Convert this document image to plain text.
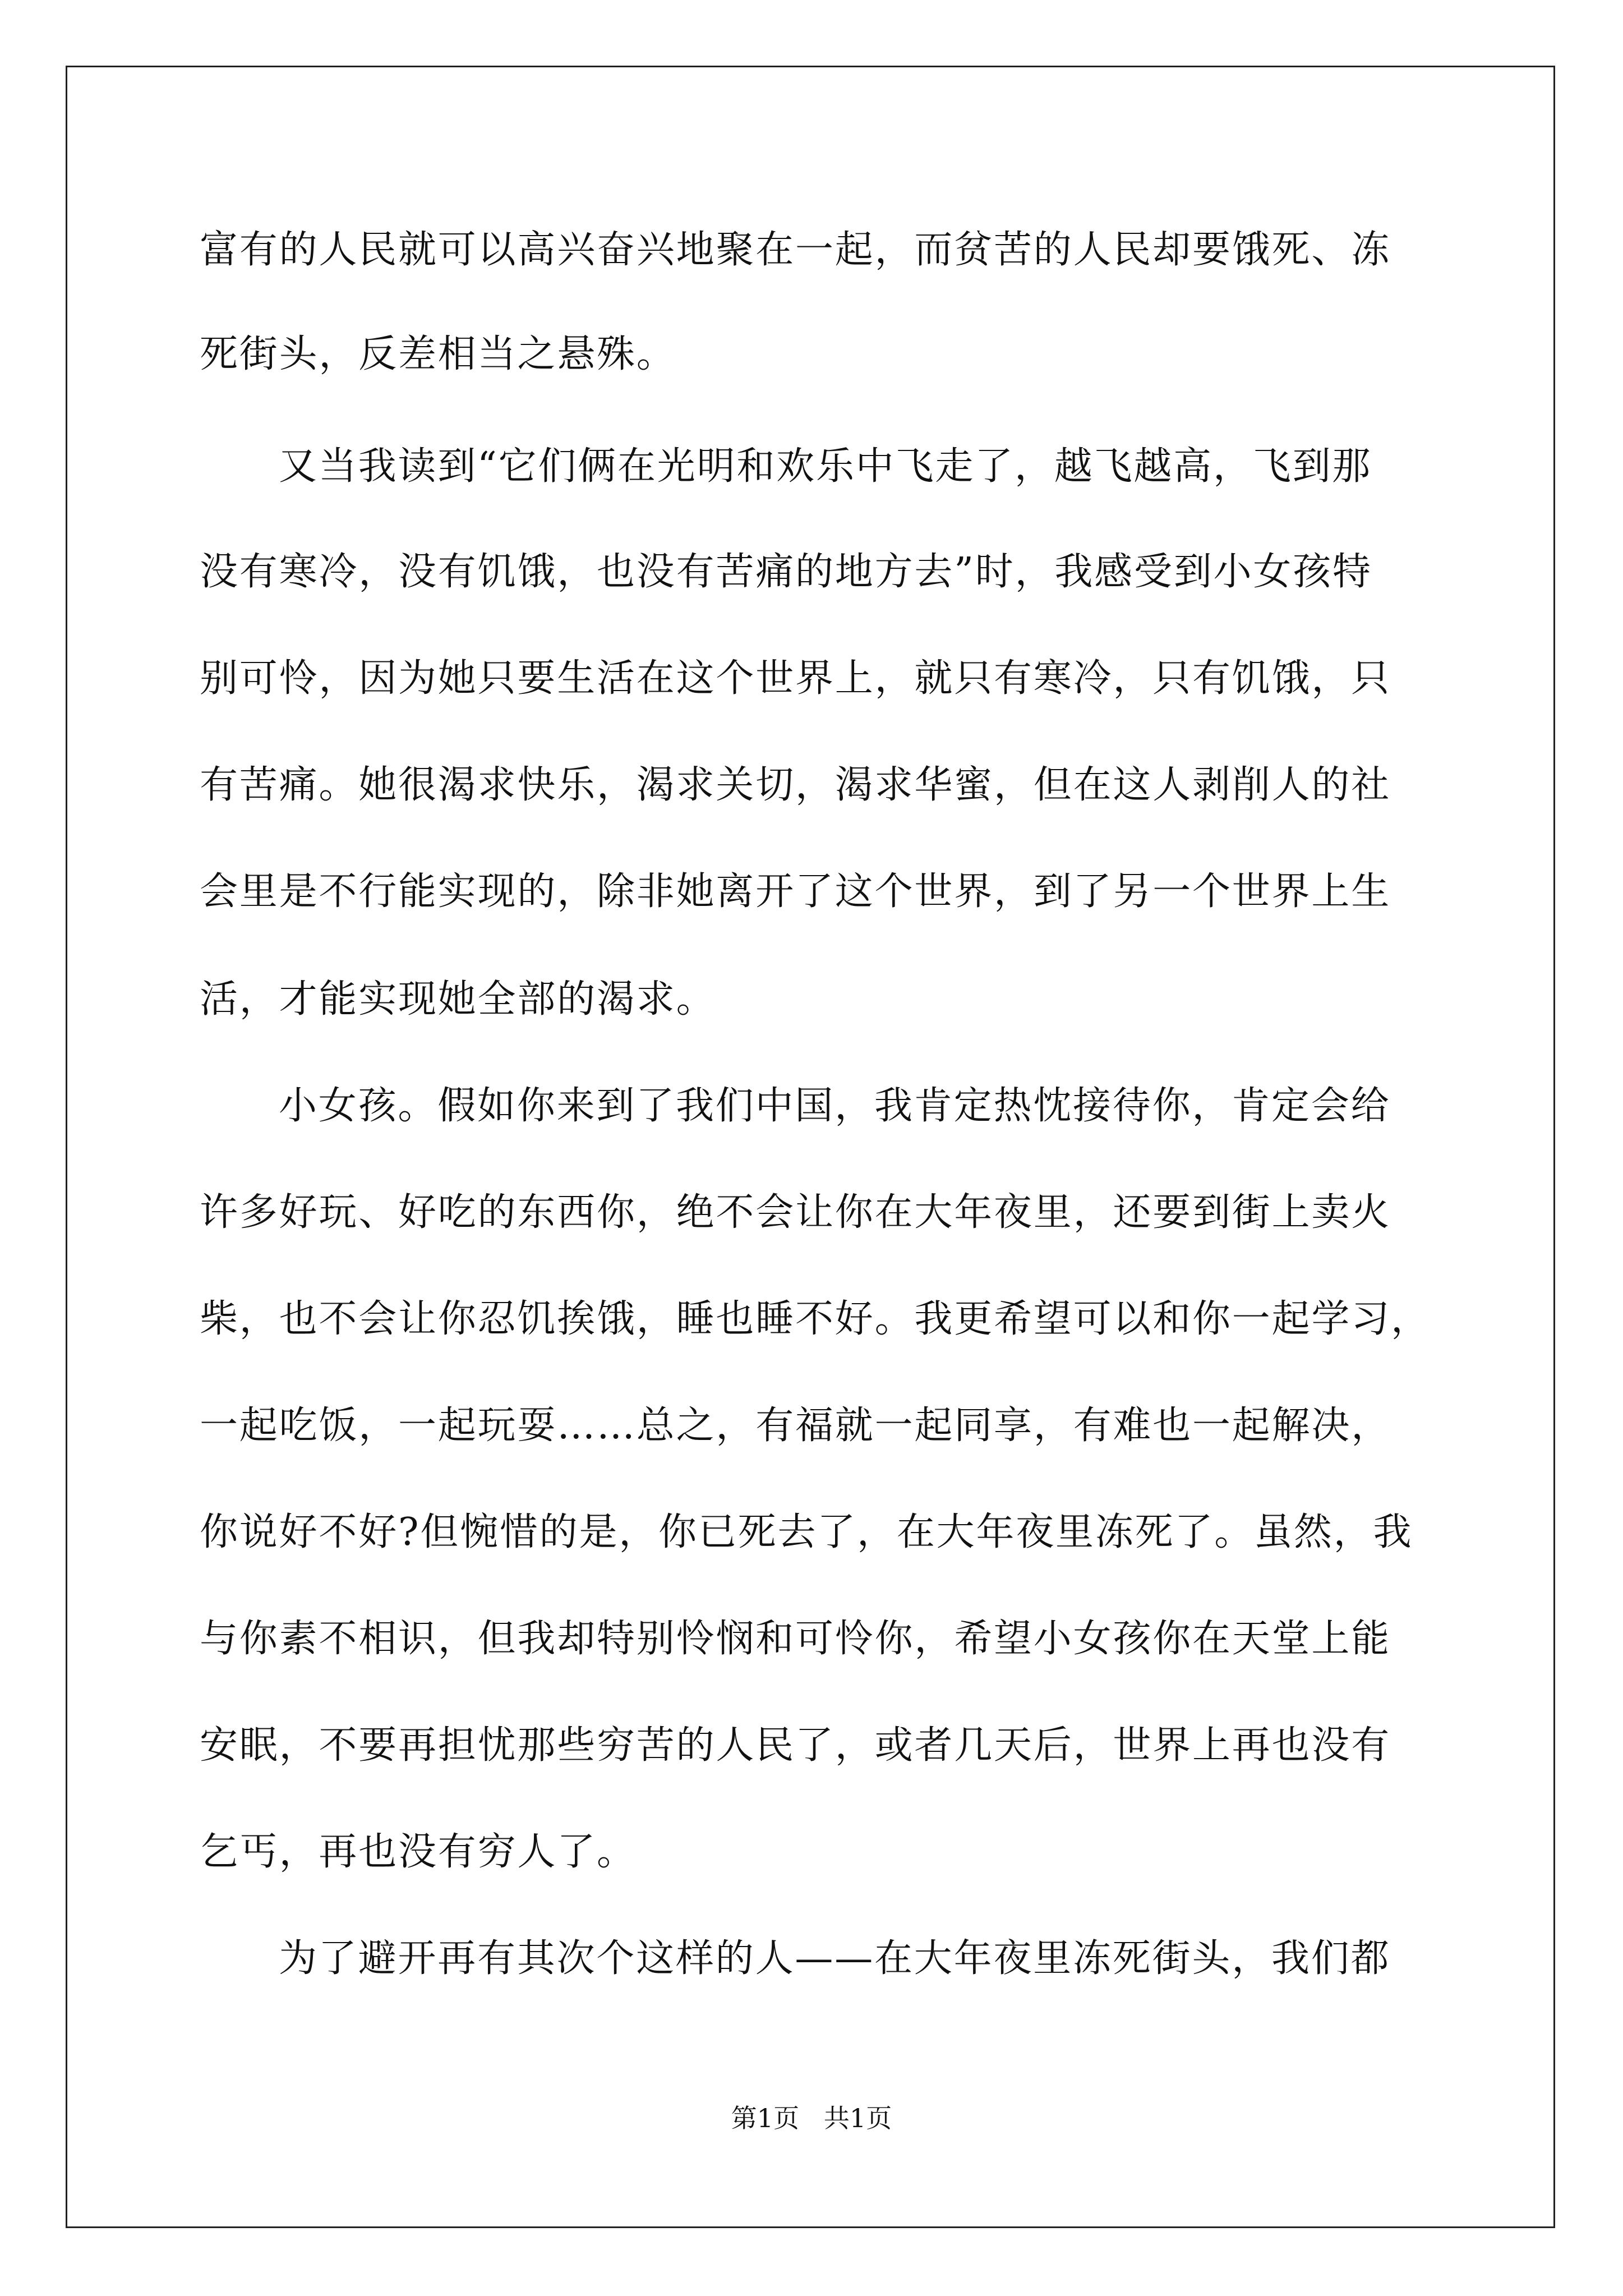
富有的人民就可以高兴奋兴地聚在一起，而贫苦的人民却要饿死、冻
死街头，反差相当之悬殊。
又当我读到“它们俩在光明和欢乐中飞走了，越飞越高，飞到那
没有寒冷，没有饥饿，也没有苦痛的地方去”时，我感受到小女孩特
别可怜，因为她只要生活在这个世界上，就只有寒冷，只有饥饿，只
有苦痛。她很渴求快乐，渴求关切，渴求华蜜，但在这人剥削人的社
会里是不行能实现的，除非她离开了这个世界，到了另一个世界上生
活，才能实现她全部的渴求。
小女孩。假如你来到了我们中国，我肯定热忱接待你，肯定会给
许多好玩、好吃的东西你，绝不会让你在大年夜里，还要到街上卖火
柴，也不会让你忍饥挨饿，睡也睡不好。我更希望可以和你一起学习，
一起吃饭，一起玩耍……总之，有福就一起同享，有难也一起解决，
你说好不好?但惋惜的是，你已死去了，在大年夜里冻死了。虽然，我
与你素不相识，但我却特别怜悯和可怜你，希望小女孩你在天堂上能
安眠，不要再担忧那些穷苦的人民了，或者几天后，世界上再也没有
乞丐，再也没有穷人了。
为了避开再有其次个这样的人——在大年夜里冻死街头，我们都
第1页   共1页
